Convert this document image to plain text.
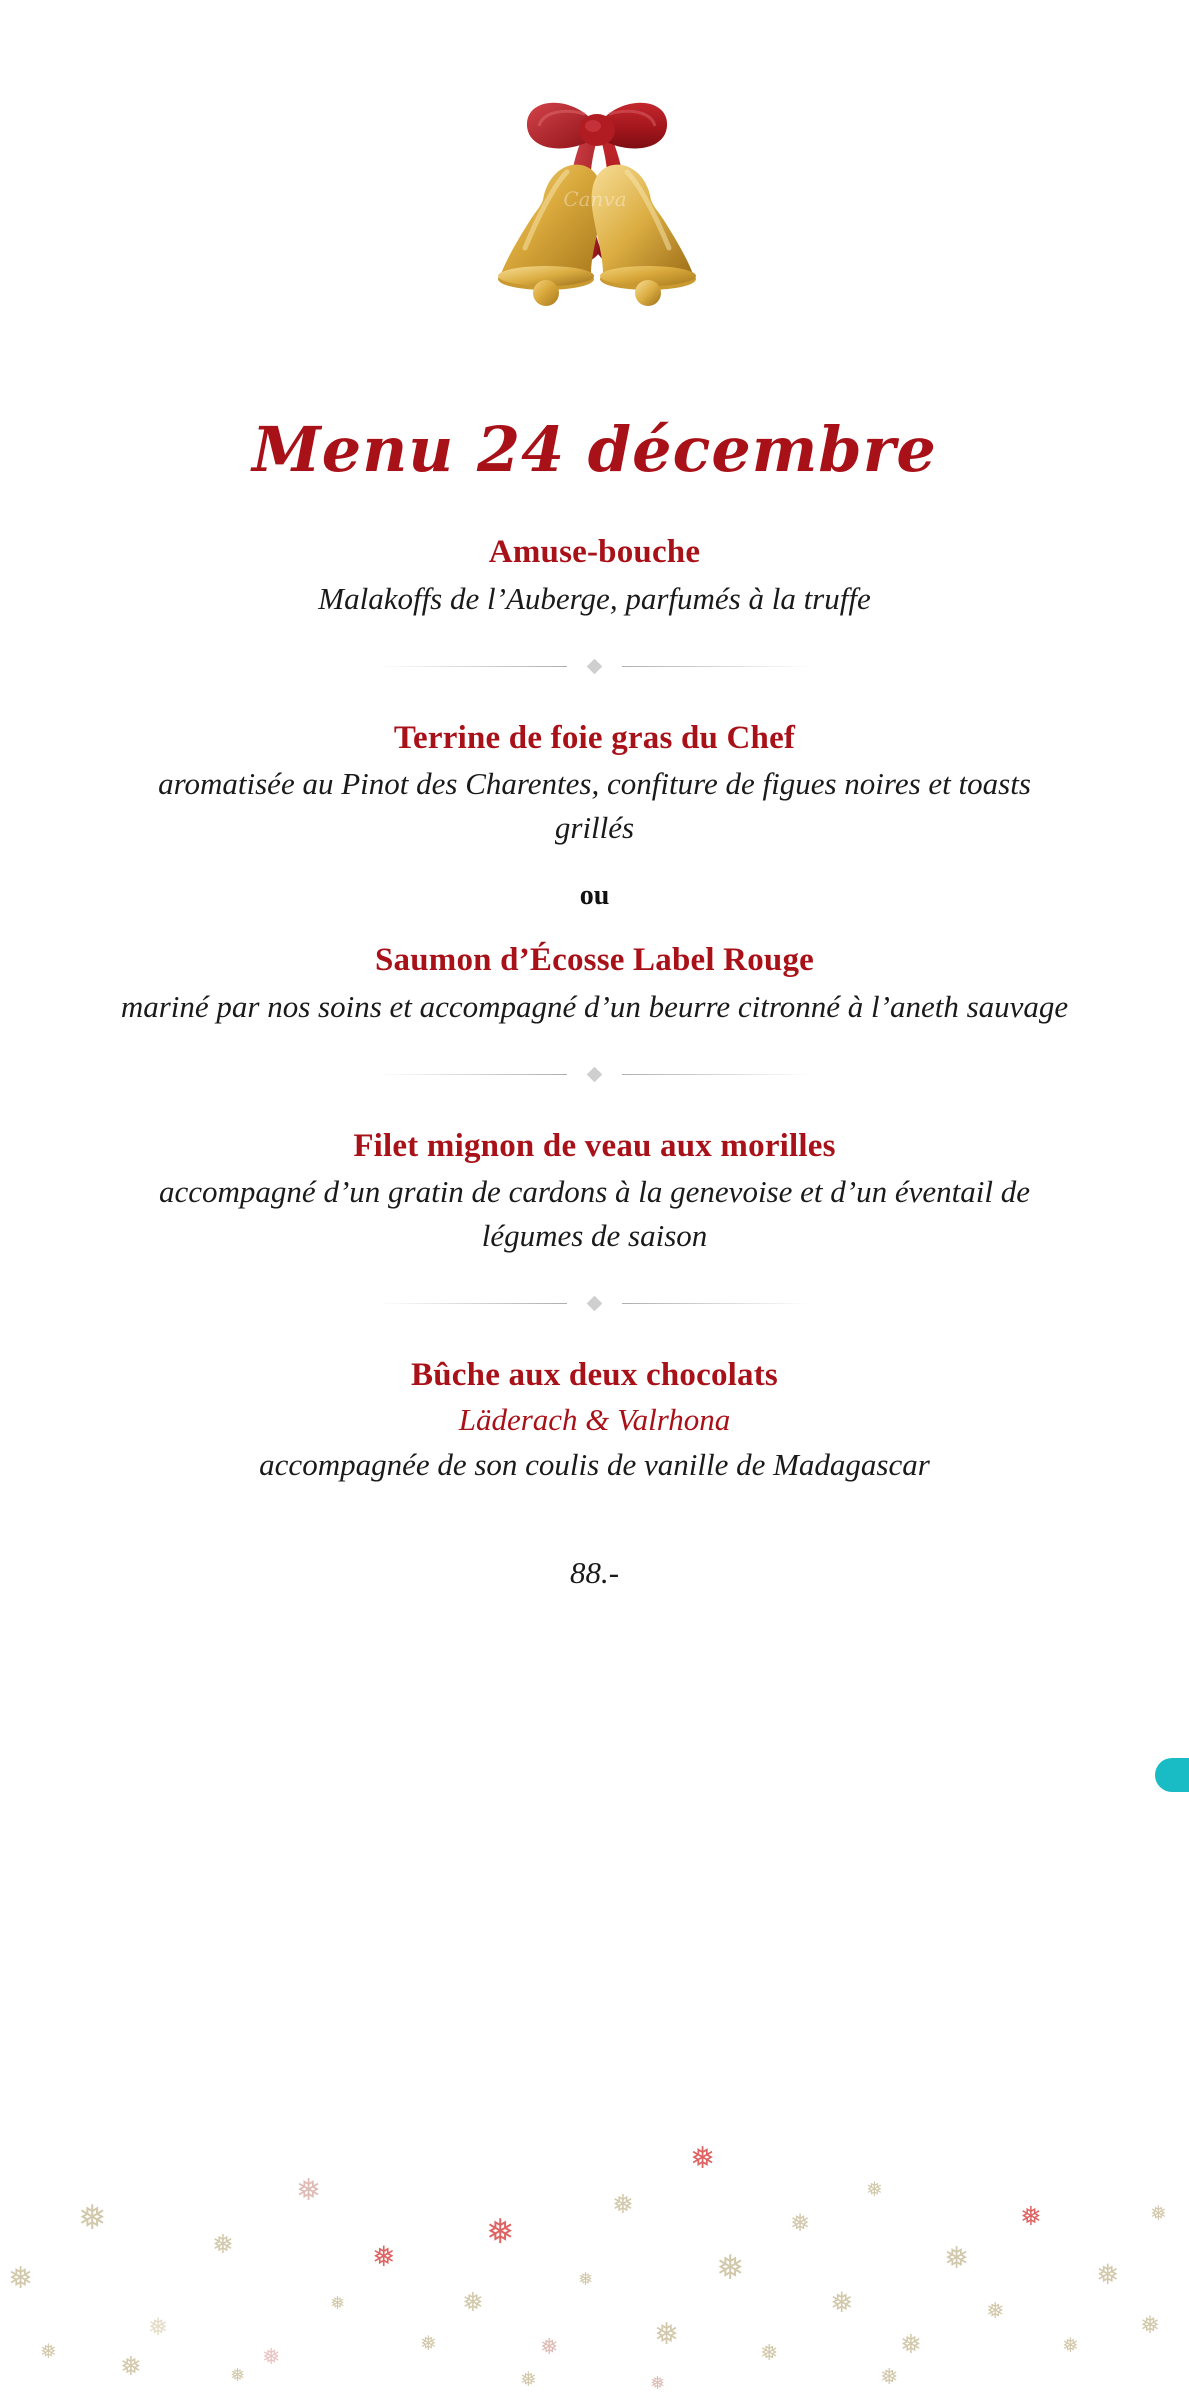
Canva
Menu 24 décembre
Amuse-bouche
Malakoffs de l’Auberge, parfumés à la truffe
Terrine de foie gras du Chef
aromatisée au Pinot des Charentes, confiture de figues noires et toasts grillés
ou
Saumon d’Écosse Label Rouge
mariné par nos soins et accompagné d’un beurre citronné à l’aneth sauvage
Filet mignon de veau aux morilles
accompagné d’un gratin de cardons à la genevoise et d’un éventail de légumes de saison
Bûche aux deux chocolats
Läderach & Valrhona
accompagnée de son coulis de vanille de Madagascar
88.-
❅
❅
❅
❅
❅
❅
❅
❅
❅
❅
❅
❅
❅
❅
❅
❅
❅
❅
❅
❅
❅
❅
❅
❅
❅
❅
❅
❅
❅ ❅	❅	❅	❅	❅
❅
